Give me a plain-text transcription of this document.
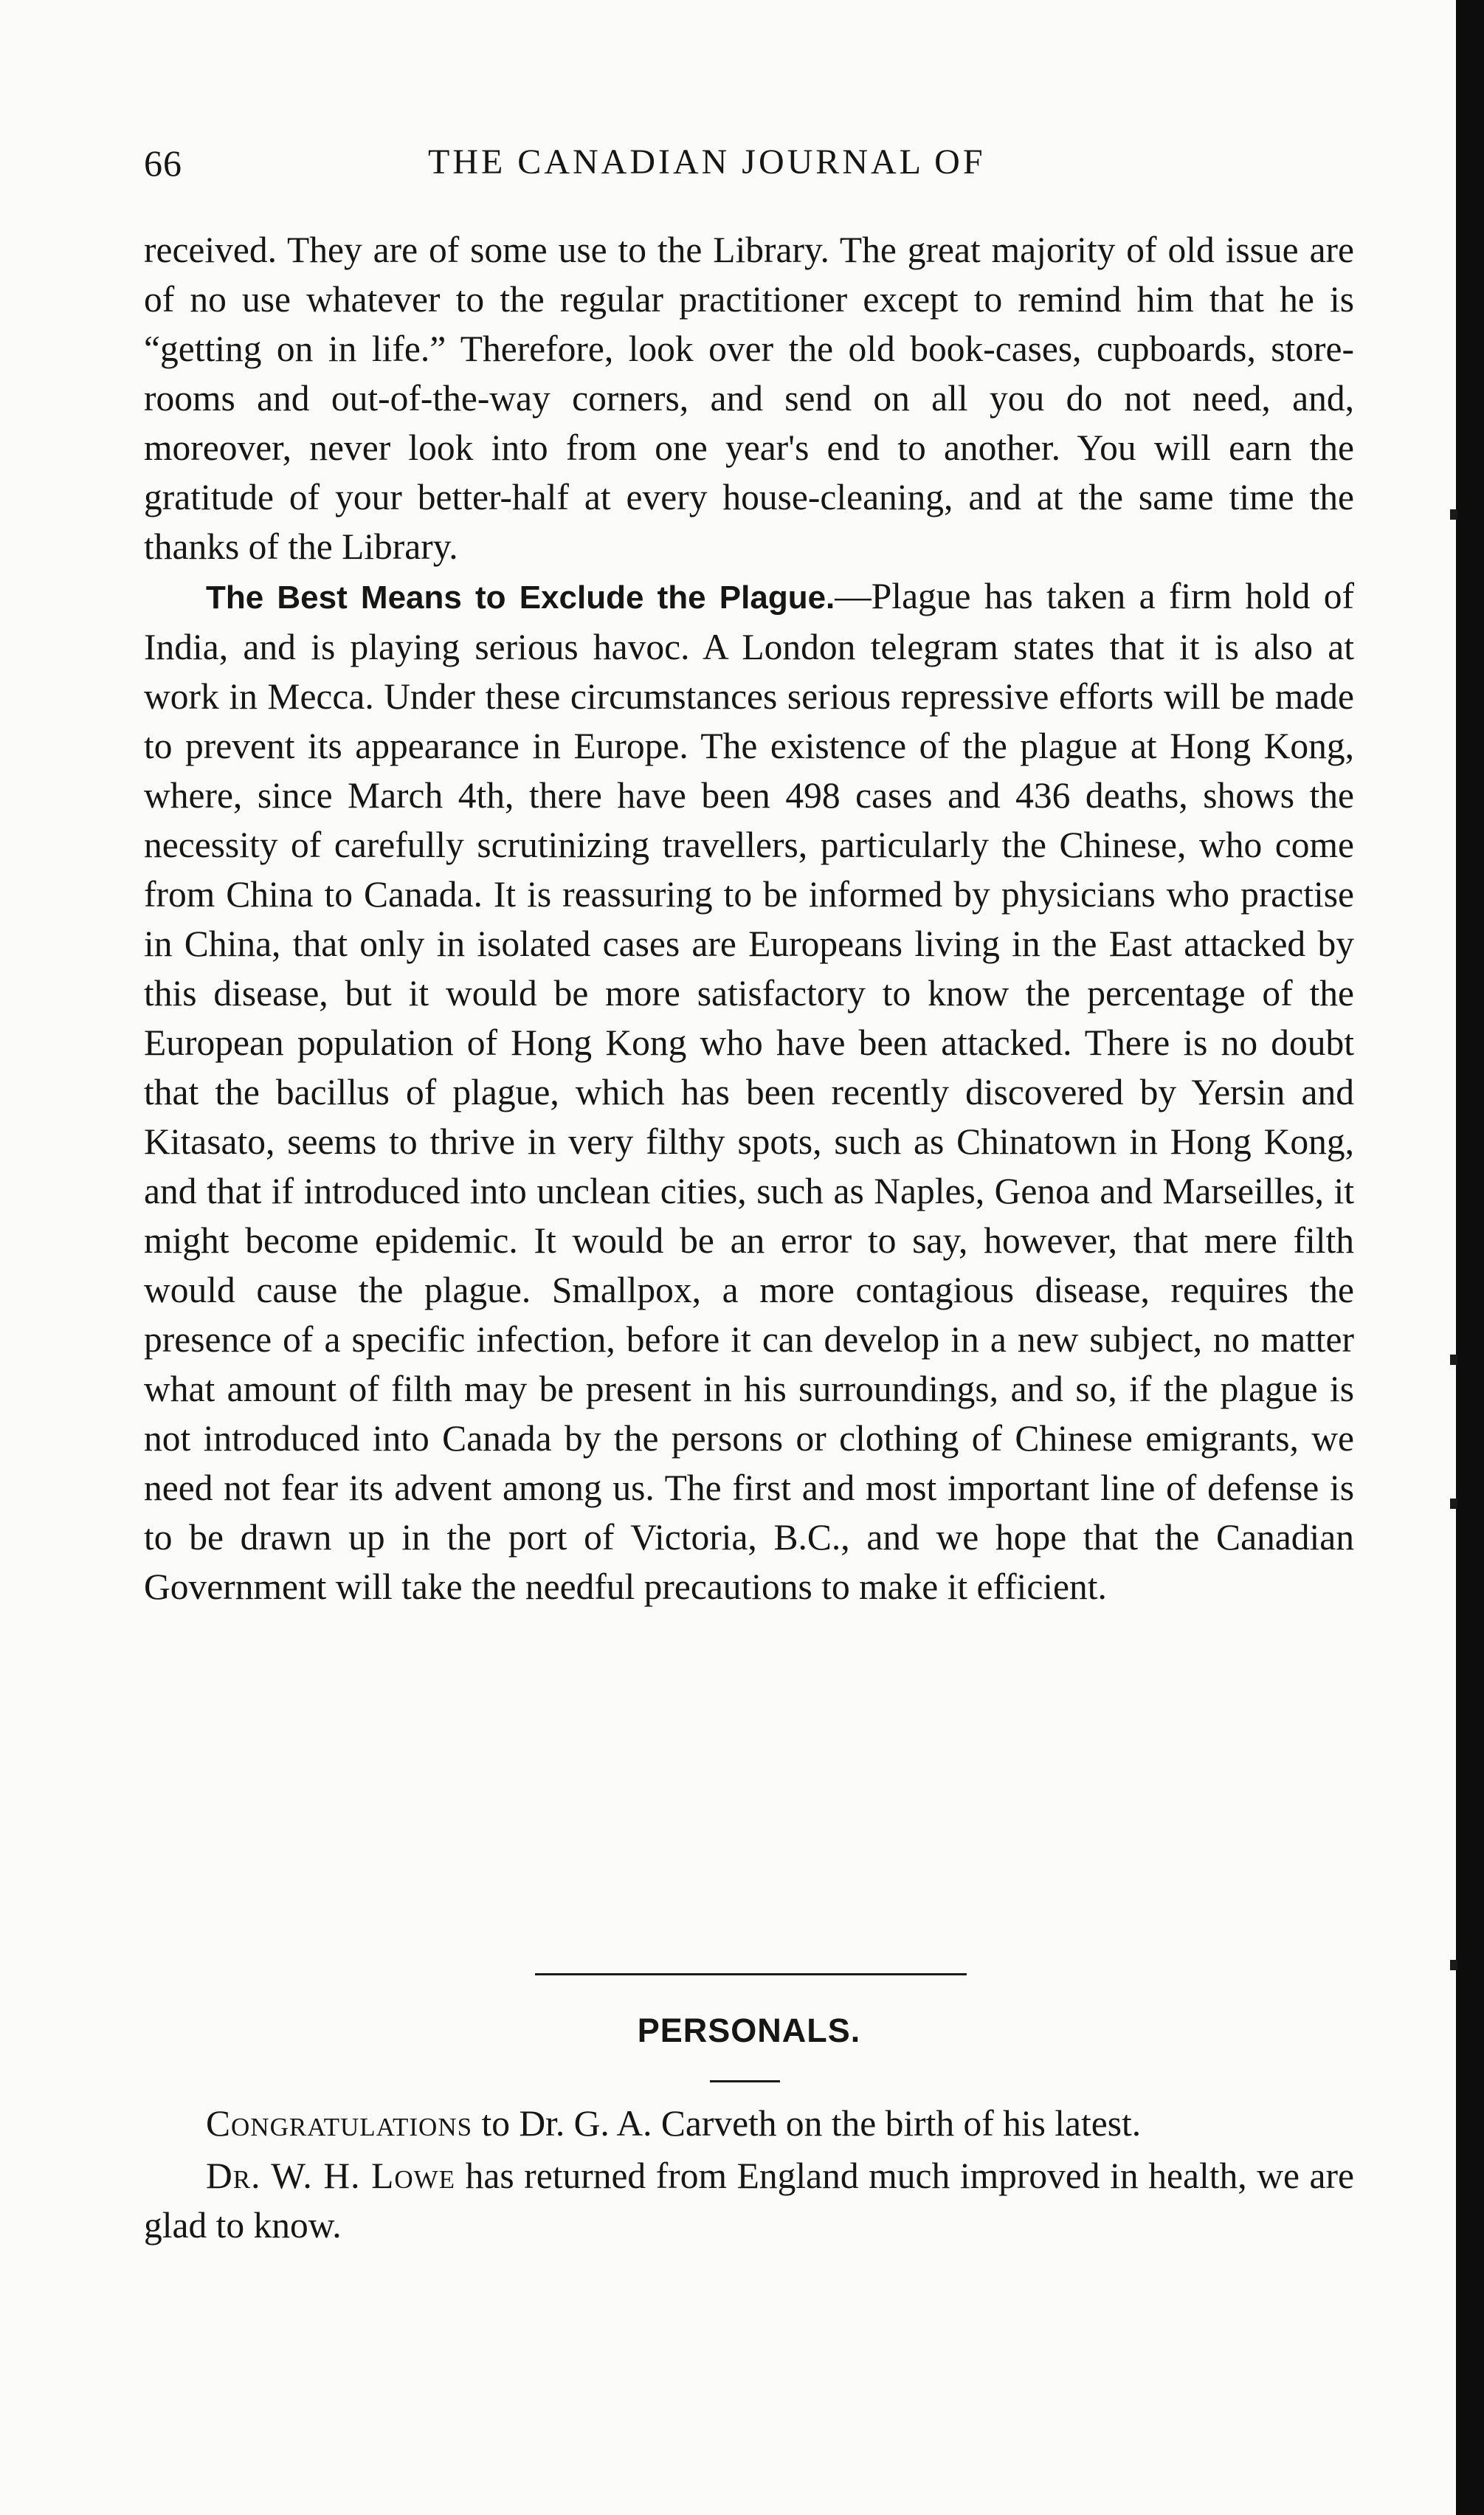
66	THE CANADIAN JOURNAL OF

received. They are of some use to the Library. The great majority of old issue are of no use whatever to the regular practitioner except to remind him that he is “getting on in life.” Therefore, look over the old book-cases, cupboards, store-rooms and out-of-the-way corners, and send on all you do not need, and, moreover, never look into from one year's end to another. You will earn the gratitude of your better-half at every house-cleaning, and at the same time the thanks of the Library.

The Best Means to Exclude the Plague.—Plague has taken a firm hold of India, and is playing serious havoc. A London telegram states that it is also at work in Mecca. Under these circumstances serious repressive efforts will be made to prevent its appearance in Europe. The existence of the plague at Hong Kong, where, since March 4th, there have been 498 cases and 436 deaths, shows the necessity of carefully scrutinizing travellers, particularly the Chinese, who come from China to Canada. It is reassuring to be informed by physicians who practise in China, that only in isolated cases are Europeans living in the East attacked by this disease, but it would be more satisfactory to know the percentage of the European population of Hong Kong who have been attacked. There is no doubt that the bacillus of plague, which has been recently discovered by Yersin and Kitasato, seems to thrive in very filthy spots, such as Chinatown in Hong Kong, and that if introduced into unclean cities, such as Naples, Genoa and Marseilles, it might become epidemic. It would be an error to say, however, that mere filth would cause the plague. Smallpox, a more contagious disease, requires the presence of a specific infection, before it can develop in a new subject, no matter what amount of filth may be present in his surroundings, and so, if the plague is not introduced into Canada by the persons or clothing of Chinese emigrants, we need not fear its advent among us. The first and most important line of defense is to be drawn up in the port of Victoria, B.C., and we hope that the Canadian Government will take the needful precautions to make it efficient.

PERSONALS.

Congratulations to Dr. G. A. Carveth on the birth of his latest.

Dr. W. H. Lowe has returned from England much improved in health, we are glad to know.
